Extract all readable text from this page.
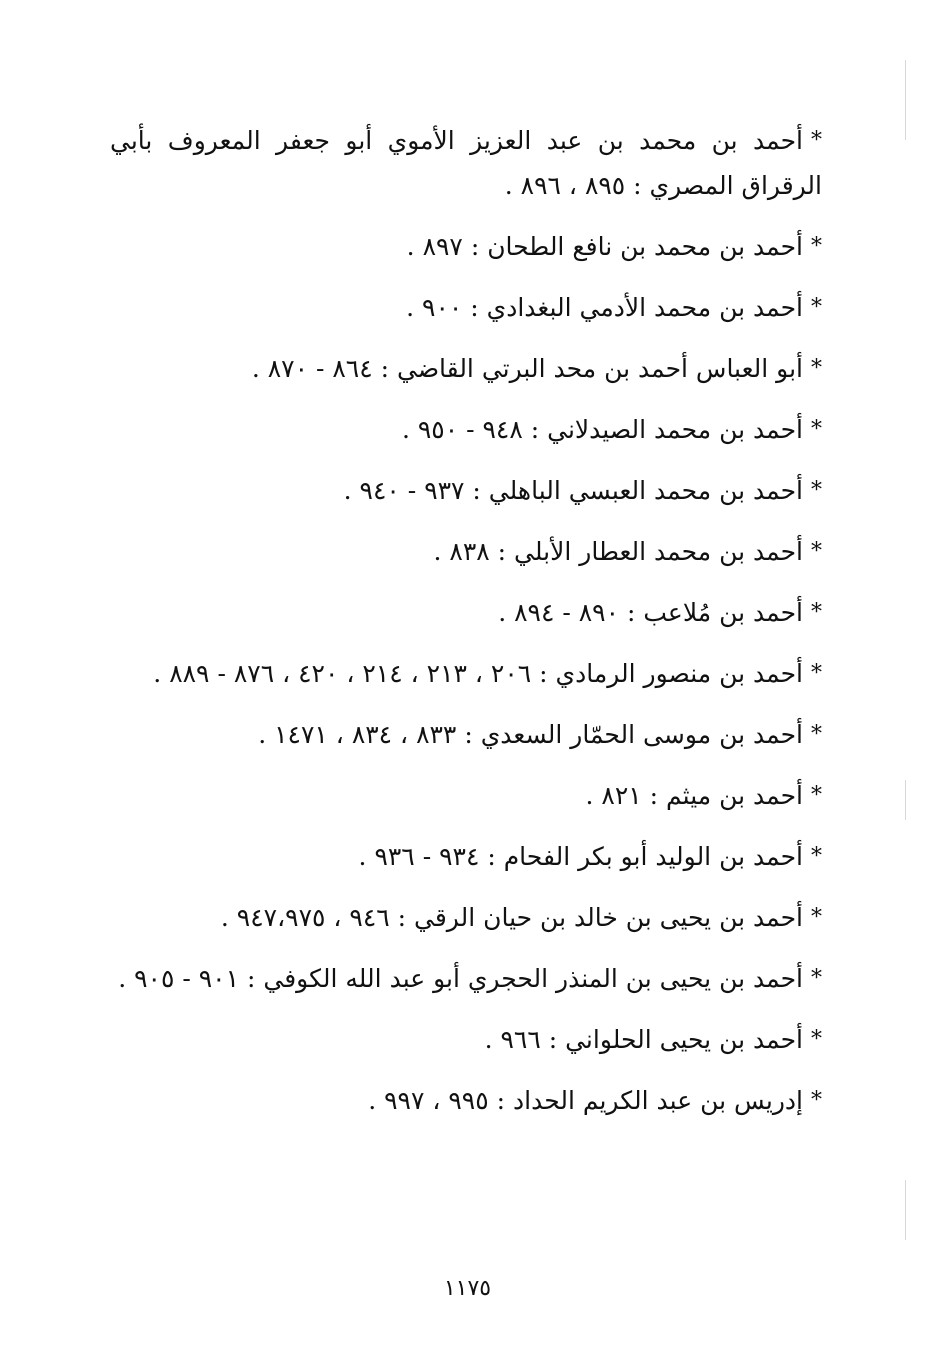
*أحمد بن محمد بن عبد العزيز الأموي أبو جعفر المعروف بأبي الرقراق المصري : ٨٩٥ ، ٨٩٦ .
*أحمد بن محمد بن نافع الطحان : ٨٩٧ .
*أحمد بن محمد الأدمي البغدادي : ٩٠٠ .
*أبو العباس أحمد بن محد البرتي القاضي : ٨٦٤ - ٨٧٠ .
*أحمد بن محمد الصيدلاني : ٩٤٨ - ٩٥٠ .
*أحمد بن محمد العبسي الباهلي : ٩٣٧ - ٩٤٠ .
*أحمد بن محمد العطار الأبلي : ٨٣٨ .
*أحمد بن مُلاعب : ٨٩٠ - ٨٩٤ .
*أحمد بن منصور الرمادي : ٢٠٦ ، ٢١٣ ، ٢١٤ ، ٤٢٠ ، ٨٧٦ - ٨٨٩ .
*أحمد بن موسى الحمّار السعدي : ٨٣٣ ، ٨٣٤ ، ١٤٧١ .
*أحمد بن ميثم : ٨٢١ .
*أحمد بن الوليد أبو بكر الفحام : ٩٣٤ - ٩٣٦ .
*أحمد بن يحيى بن خالد بن حيان الرقي : ٩٤٦ ، ٩٤٧،٩٧٥ .
*أحمد بن يحيى بن المنذر الحجري أبو عبد الله الكوفي : ٩٠١ - ٩٠٥ .
*أحمد بن يحيى الحلواني : ٩٦٦ .
*إدريس بن عبد الكريم الحداد : ٩٩٥ ، ٩٩٧ .
١١٧٥
